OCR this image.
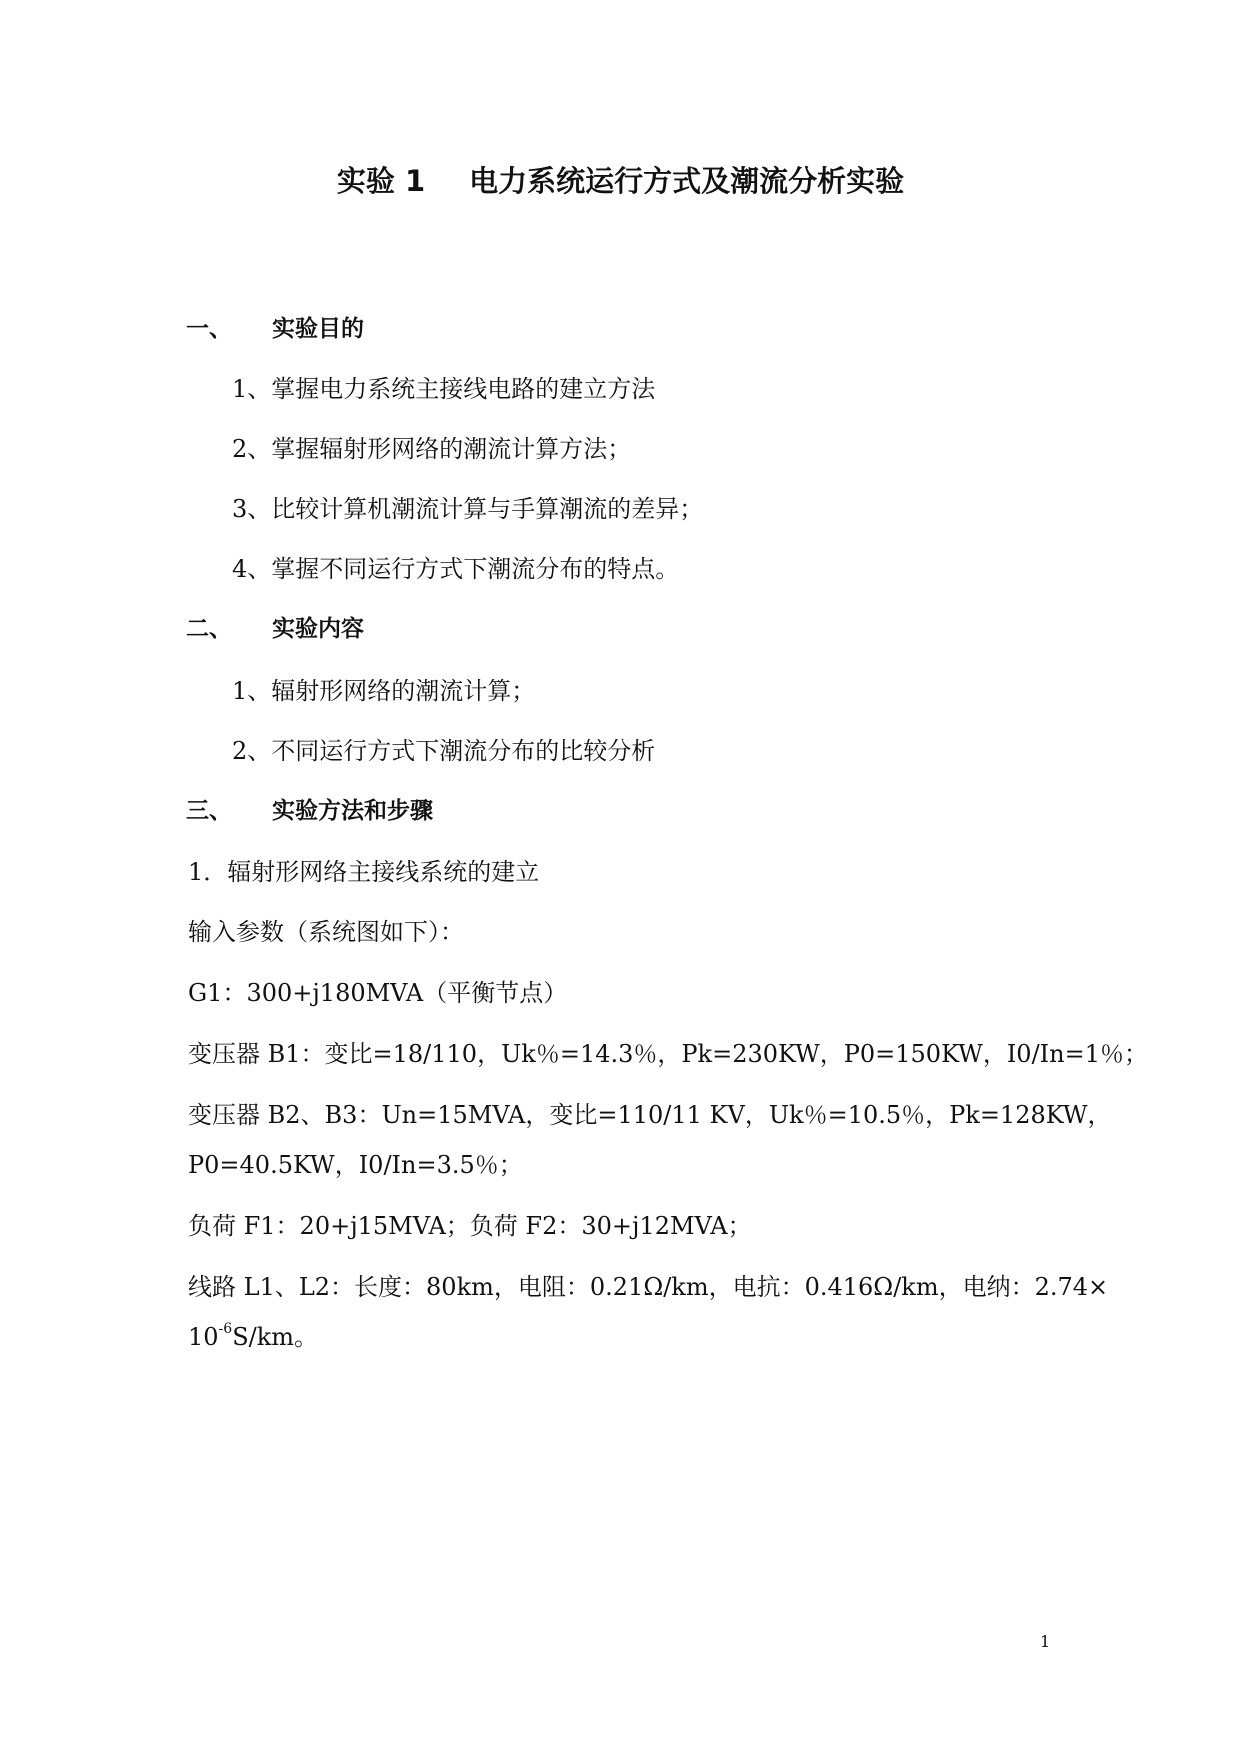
实验 1 电力系统运行方式及潮流分析实验
一、 实验目的
1、掌握电力系统主接线电路的建立方法
2、掌握辐射形网络的潮流计算方法；
3、比较计算机潮流计算与手算潮流的差异；
4、掌握不同运行方式下潮流分布的特点。
二、 实验内容
1、辐射形网络的潮流计算；
2、不同运行方式下潮流分布的比较分析
三、 实验方法和步骤
1．辐射形网络主接线系统的建立
输入参数（系统图如下）：
G1：300+j180MVA（平衡节点）
变压器 B1：变比=18/110，Uk％=14.3％，Pk=230KW，P0=150KW，I0/In=1％；
变压器 B2、B3：Un=15MVA，变比=110/11 KV，Uk％=10.5％，Pk=128KW，
P0=40.5KW，I0/In=3.5％；
负荷 F1：20+j15MVA；负荷 F2：30+j12MVA；
线路 L1、L2：长度：80km，电阻：0.21Ω/km，电抗：0.416Ω/km，电纳：2.74×
$10^{-6}S/km$。
1
